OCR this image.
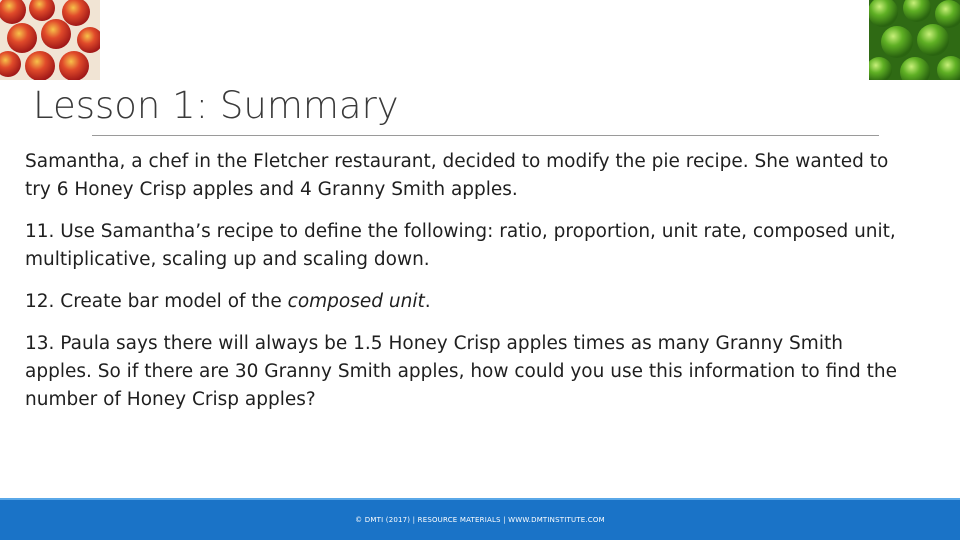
Lesson 1: Summary

Samantha, a chef in the Fletcher restaurant, decided to modify the pie recipe. She wanted to try 6 Honey Crisp apples and 4 Granny Smith apples.

11. Use Samantha’s recipe to define the following: ratio, proportion, unit rate, composed unit, multiplicative, scaling up and scaling down.

12. Create bar model of the composed unit.

13. Paula says there will always be 1.5 Honey Crisp apples times as many Granny Smith apples. So if there are 30 Granny Smith apples, how could you use this information to find the number of Honey Crisp apples?

© DMTI (2017) | RESOURCE MATERIALS | WWW.DMTINSTITUTE.COM
